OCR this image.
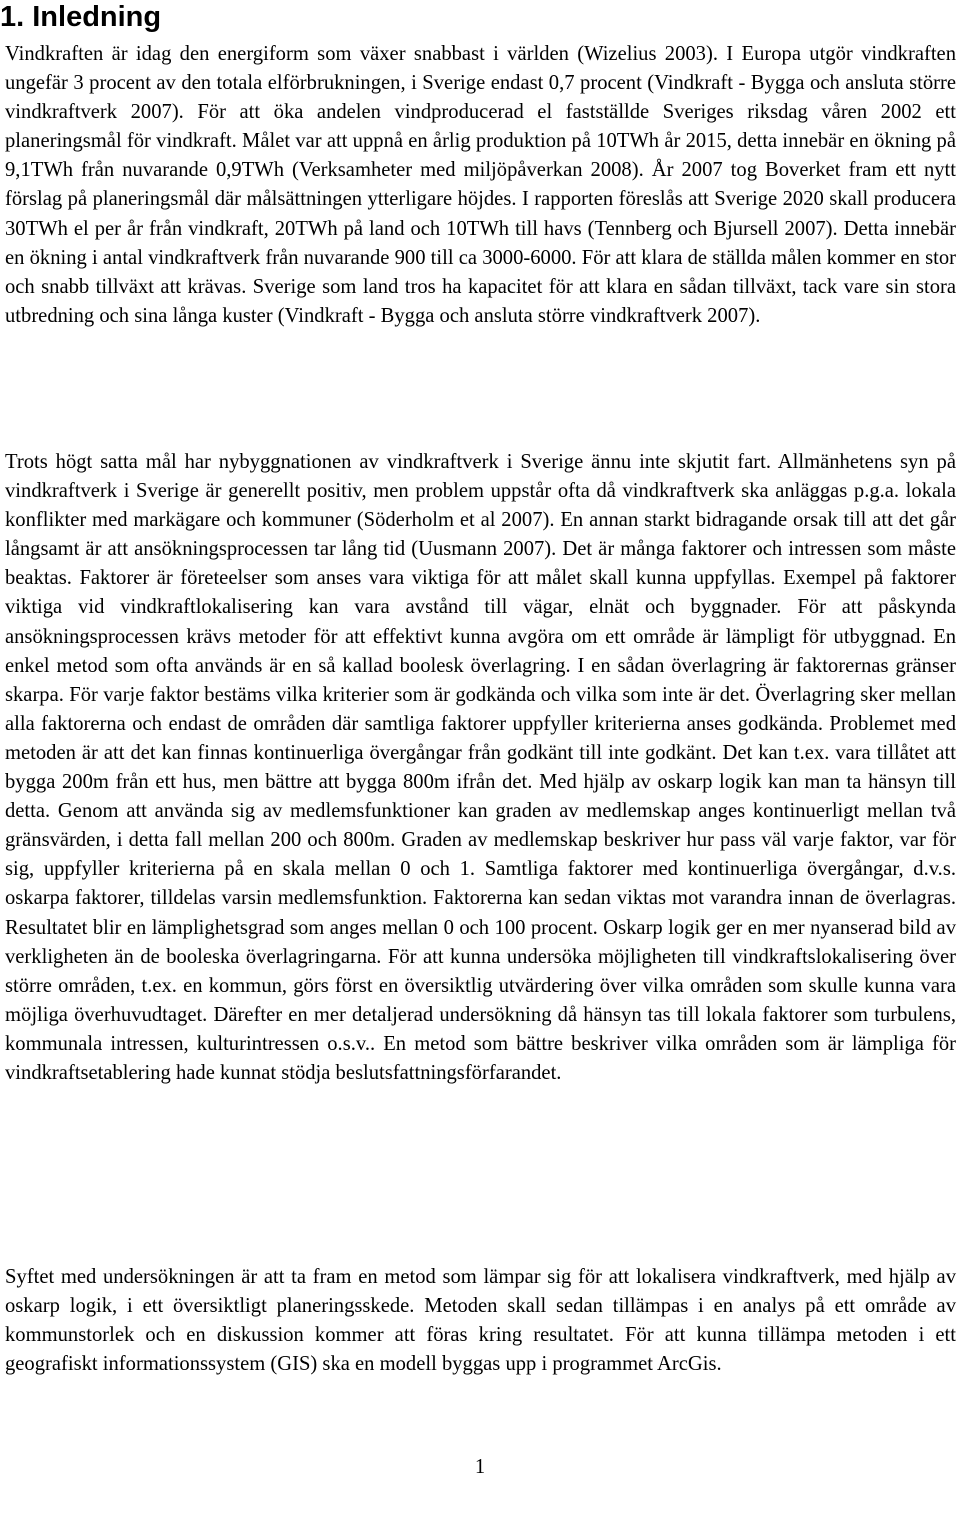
1. Inledning

Vindkraften är idag den energiform som växer snabbast i världen (Wizelius 2003). I Europa utgör vindkraften ungefär 3 procent av den totala elförbrukningen, i Sverige endast 0,7 procent (Vindkraft - Bygga och ansluta större vindkraftverk 2007). För att öka andelen vindproducerad el fastställde Sveriges riksdag våren 2002 ett planeringsmål för vindkraft. Målet var att uppnå en årlig produktion på 10TWh år 2015, detta innebär en ökning på 9,1TWh från nuvarande 0,9TWh (Verksamheter med miljöpåverkan 2008). År 2007 tog Boverket fram ett nytt förslag på planeringsmål där målsättningen ytterligare höjdes. I rapporten föreslås att Sverige 2020 skall producera 30TWh el per år från vindkraft, 20TWh på land och 10TWh till havs (Tennberg och Bjursell 2007). Detta innebär en ökning i antal vindkraftverk från nuvarande 900 till ca 3000-6000. För att klara de ställda målen kommer en stor och snabb tillväxt att krävas. Sverige som land tros ha kapacitet för att klara en sådan tillväxt, tack vare sin stora utbredning och sina långa kuster (Vindkraft - Bygga och ansluta större vindkraftverk 2007).

Trots högt satta mål har nybyggnationen av vindkraftverk i Sverige ännu inte skjutit fart. Allmänhetens syn på vindkraftverk i Sverige är generellt positiv, men problem uppstår ofta då vindkraftverk ska anläggas p.g.a. lokala konflikter med markägare och kommuner (Söderholm et al 2007). En annan starkt bidragande orsak till att det går långsamt är att ansökningsprocessen tar lång tid (Uusmann 2007). Det är många faktorer och intressen som måste beaktas. Faktorer är företeelser som anses vara viktiga för att målet skall kunna uppfyllas. Exempel på faktorer viktiga vid vindkraftlokalisering kan vara avstånd till vägar, elnät och byggnader. För att påskynda ansökningsprocessen krävs metoder för att effektivt kunna avgöra om ett område är lämpligt för utbyggnad. En enkel metod som ofta används är en så kallad boolesk överlagring. I en sådan överlagring är faktorernas gränser skarpa. För varje faktor bestäms vilka kriterier som är godkända och vilka som inte är det. Överlagring sker mellan alla faktorerna och endast de områden där samtliga faktorer uppfyller kriterierna anses godkända. Problemet med metoden är att det kan finnas kontinuerliga övergångar från godkänt till inte godkänt. Det kan t.ex. vara tillåtet att bygga 200m från ett hus, men bättre att bygga 800m ifrån det. Med hjälp av oskarp logik kan man ta hänsyn till detta. Genom att använda sig av medlemsfunktioner kan graden av medlemskap anges kontinuerligt mellan två gränsvärden, i detta fall mellan 200 och 800m. Graden av medlemskap beskriver hur pass väl varje faktor, var för sig, uppfyller kriterierna på en skala mellan 0 och 1. Samtliga faktorer med kontinuerliga övergångar, d.v.s. oskarpa faktorer, tilldelas varsin medlemsfunktion. Faktorerna kan sedan viktas mot varandra innan de överlagras. Resultatet blir en lämplighetsgrad som anges mellan 0 och 100 procent. Oskarp logik ger en mer nyanserad bild av verkligheten än de booleska överlagringarna. För att kunna undersöka möjligheten till vindkraftslokalisering över större områden, t.ex. en kommun, görs först en översiktlig utvärdering över vilka områden som skulle kunna vara möjliga överhuvudtaget. Därefter en mer detaljerad undersökning då hänsyn tas till lokala faktorer som turbulens, kommunala intressen, kulturintressen o.s.v.. En metod som bättre beskriver vilka områden som är lämpliga för vindkraftsetablering hade kunnat stödja beslutsfattningsförfarandet.

Syftet med undersökningen är att ta fram en metod som lämpar sig för att lokalisera vindkraftverk, med hjälp av oskarp logik, i ett översiktligt planeringsskede. Metoden skall sedan tillämpas i en analys på ett område av kommunstorlek och en diskussion kommer att föras kring resultatet. För att kunna tillämpa metoden i ett geografiskt informationssystem (GIS) ska en modell byggas upp i programmet ArcGis.

1
